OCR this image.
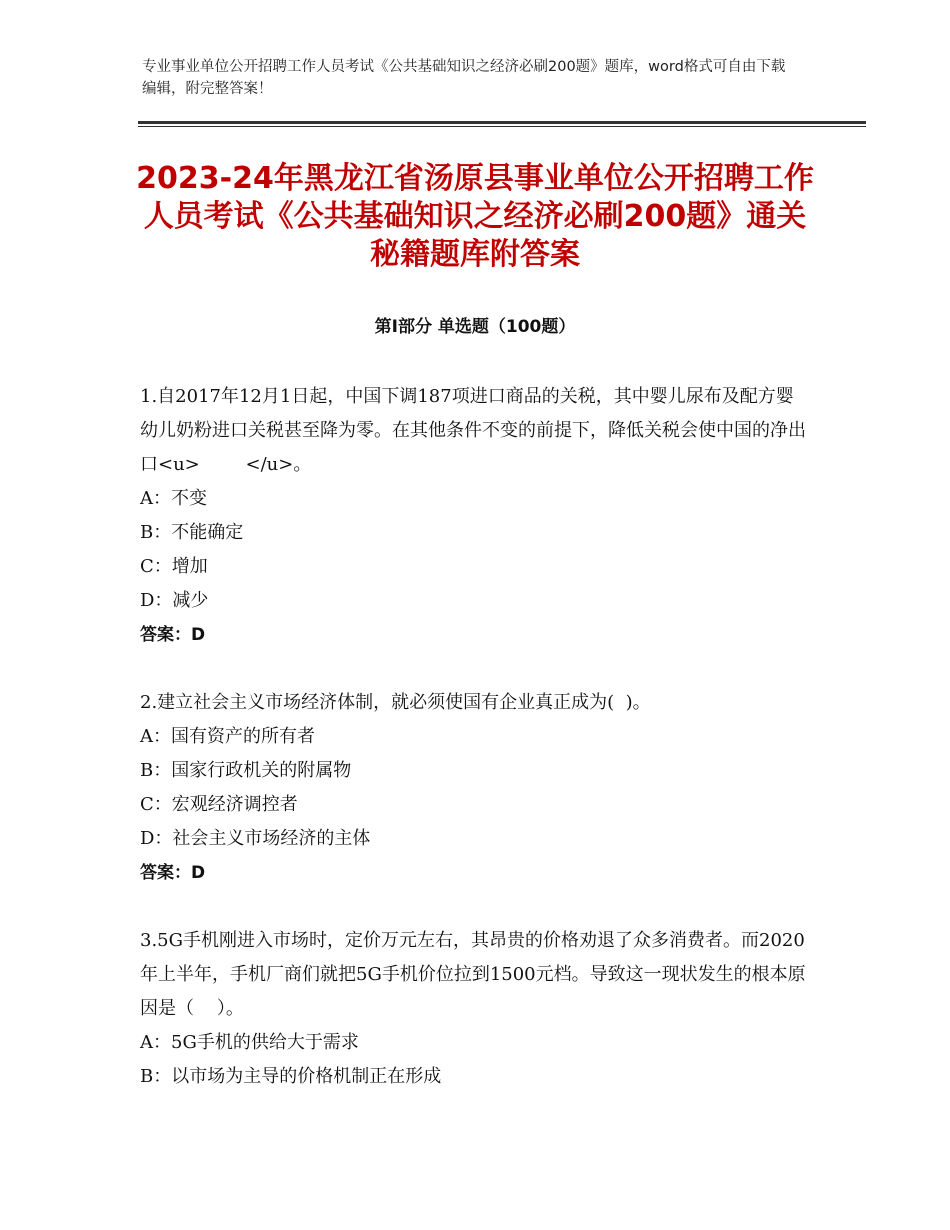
专业事业单位公开招聘工作人员考试《公共基础知识之经济必刷200题》题库，word格式可自由下载编辑，附完整答案！
2023-24年黑龙江省汤原县事业单位公开招聘工作人员考试《公共基础知识之经济必刷200题》通关秘籍题库附答案
第Ⅰ部分 单选题（100题）
1.自2017年12月1日起，中国下调187项进口商品的关税，其中婴儿尿布及配方婴幼儿奶粉进口关税甚至降为零。在其他条件不变的前提下，降低关税会使中国的净出口<u>        </u>。
A：不变
B：不能确定
C：增加
D：减少
答案：D
2.建立社会主义市场经济体制，就必须使国有企业真正成为(  )。
A：国有资产的所有者
B：国家行政机关的附属物
C：宏观经济调控者
D：社会主义市场经济的主体
答案：D
3.5G手机刚进入市场时，定价万元左右，其昂贵的价格劝退了众多消费者。而2020年上半年，手机厂商们就把5G手机价位拉到1500元档。导致这一现状发生的根本原因是（    ）。
A：5G手机的供给大于需求
B：以市场为主导的价格机制正在形成
